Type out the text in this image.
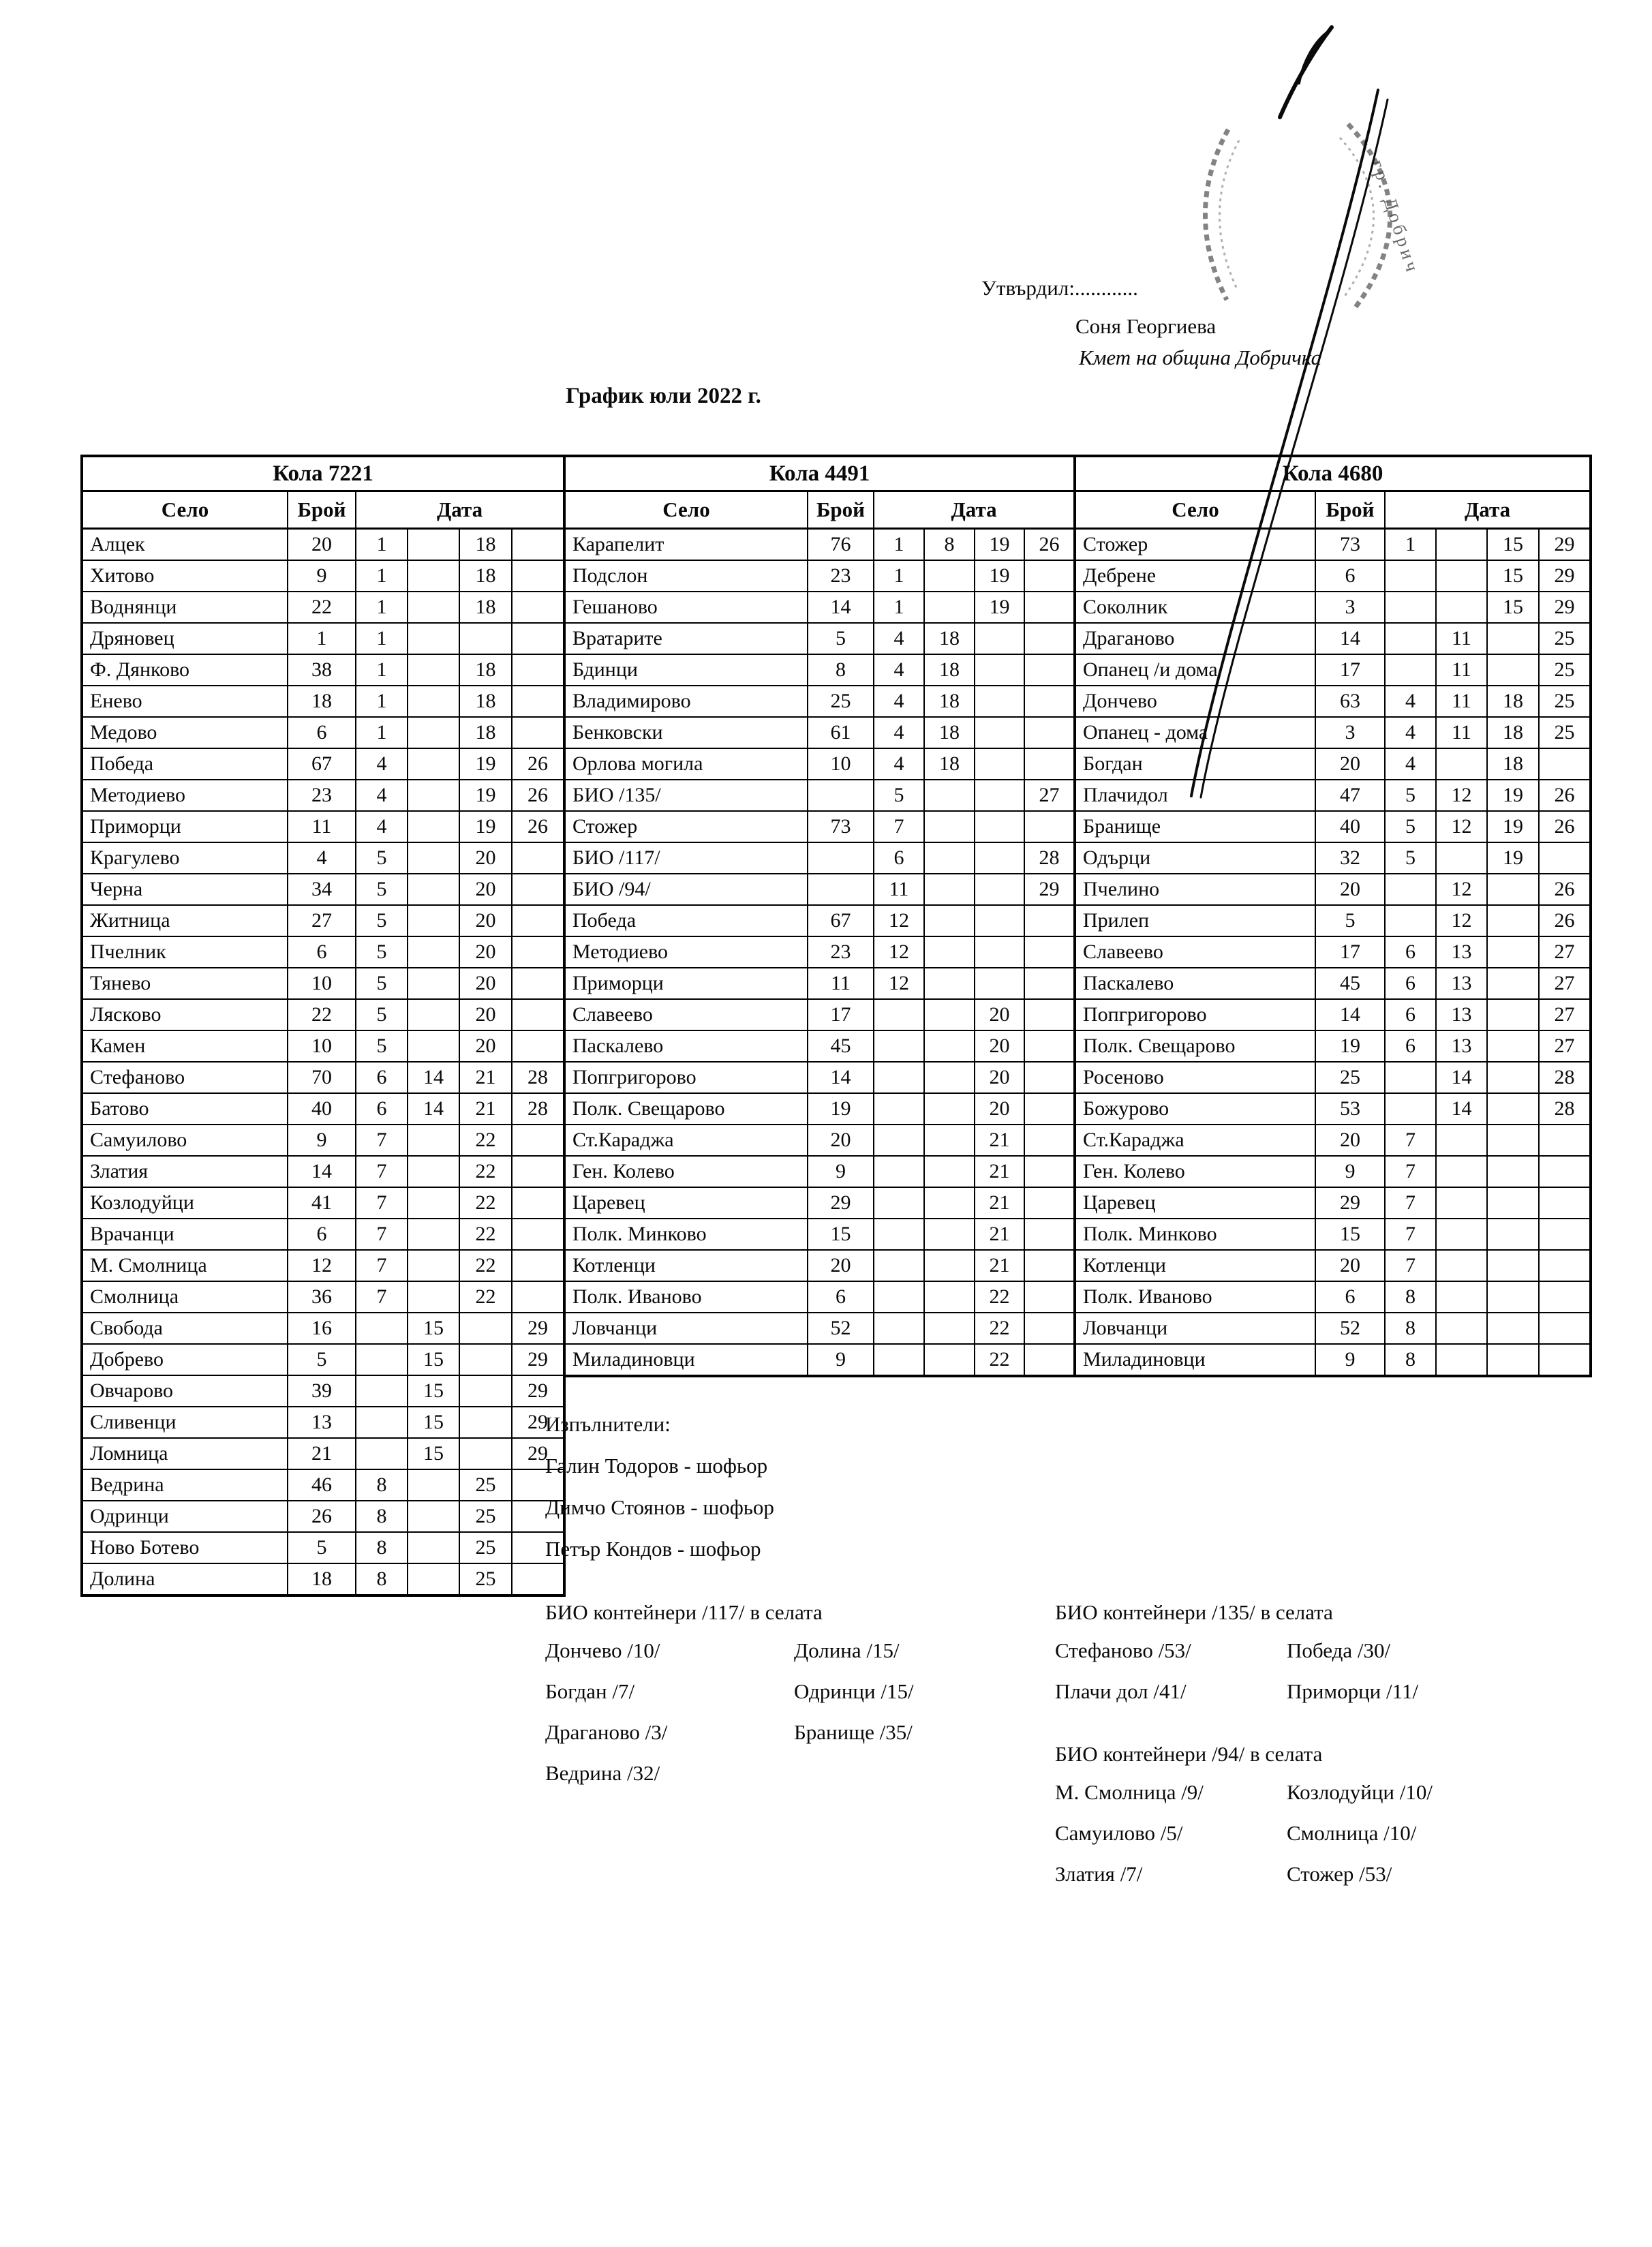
Утвърдил:............
Соня Георгиева
Кмет на община Добричка
График юли 2022 г.
гр. Добрич
Кола 7221					
Село	Брой	Дата			
Алцек	20	1		18	
Хитово	9	1		18	
Воднянци	22	1		18	
Дряновец	1	1			
Ф. Дянково	38	1		18	
Енево	18	1		18	
Медово	6	1		18	
Победа	67	4		19	26
Методиево	23	4		19	26
Приморци	11	4		19	26
Крагулево	4	5		20	
Черна	34	5		20	
Житница	27	5		20	
Пчелник	6	5		20	
Тянево	10	5		20	
Лясково	22	5		20	
Камен	10	5		20	
Стефаново	70	6	14	21	28
Батово	40	6	14	21	28
Самуилово	9	7		22	
Златия	14	7		22	
Козлодуйци	41	7		22	
Врачанци	6	7		22	
М. Смолница	12	7		22	
Смолница	36	7		22	
Свобода	16		15		29
Добрево	5		15		29
Овчарово	39		15		29
Сливенци	13		15		29
Ломница	21		15		29
Ведрина	46	8		25	
Одринци	26	8		25	
Ново Ботево	5	8		25	
Долина	18	8		25	
Кола 4491					
Село	Брой	Дата			
Карапелит	76	1	8	19	26
Подслон	23	1		19	
Гешаново	14	1		19	
Вратарите	5	4	18		
Бдинци	8	4	18		
Владимирово	25	4	18		
Бенковски	61	4	18		
Орлова могила	10	4	18		
БИО /135/		5			27
Стожер	73	7			
БИО /117/		6			28
БИО /94/		11			29
Победа	67	12			
Методиево	23	12			
Приморци	11	12			
Славеево	17			20	
Паскалево	45			20	
Попгригорово	14			20	
Полк. Свещарово	19			20	
Ст.Караджа	20			21	
Ген. Колево	9			21	
Царевец	29			21	
Полк. Минково	15			21	
Котленци	20			21	
Полк. Иваново	6			22	
Ловчанци	52			22	
Миладиновци	9			22	
Кола 4680					
Село	Брой	Дата			
Стожер	73	1		15	29
Дебрене	6			15	29
Соколник	3			15	29
Драганово	14		11		25
Опанец /и дома/	17		11		25
Дончево	63	4	11	18	25
Опанец - дома	3	4	11	18	25
Богдан	20	4		18	
Плачидол	47	5	12	19	26
Бранище	40	5	12	19	26
Одърци	32	5		19	
Пчелино	20		12		26
Прилеп	5		12		26
Славеево	17	6	13		27
Паскалево	45	6	13		27
Попгригорово	14	6	13		27
Полк. Свещарово	19	6	13		27
Росеново	25		14		28
Божурово	53		14		28
Ст.Караджа	20	7			
Ген. Колево	9	7			
Царевец	29	7			
Полк. Минково	15	7			
Котленци	20	7			
Полк. Иваново	6	8			
Ловчанци	52	8			
Миладиновци	9	8			
Изпълнители:
Галин Тодоров - шофьор
Димчо Стоянов - шофьор
Петър Кондов - шофьор
БИО контейнери /117/ в селата
Дончево /10/
Богдан /7/
Драганово /3/
Ведрина /32/
Долина /15/
Одринци /15/
Бранище /35/
БИО контейнери /135/ в селата
Стефаново /53/
Плачи дол /41/
Победа /30/
Приморци /11/
БИО контейнери /94/ в селата
М. Смолница /9/
Самуилово /5/
Златия /7/
Козлодуйци /10/
Смолница /10/
Стожер /53/
